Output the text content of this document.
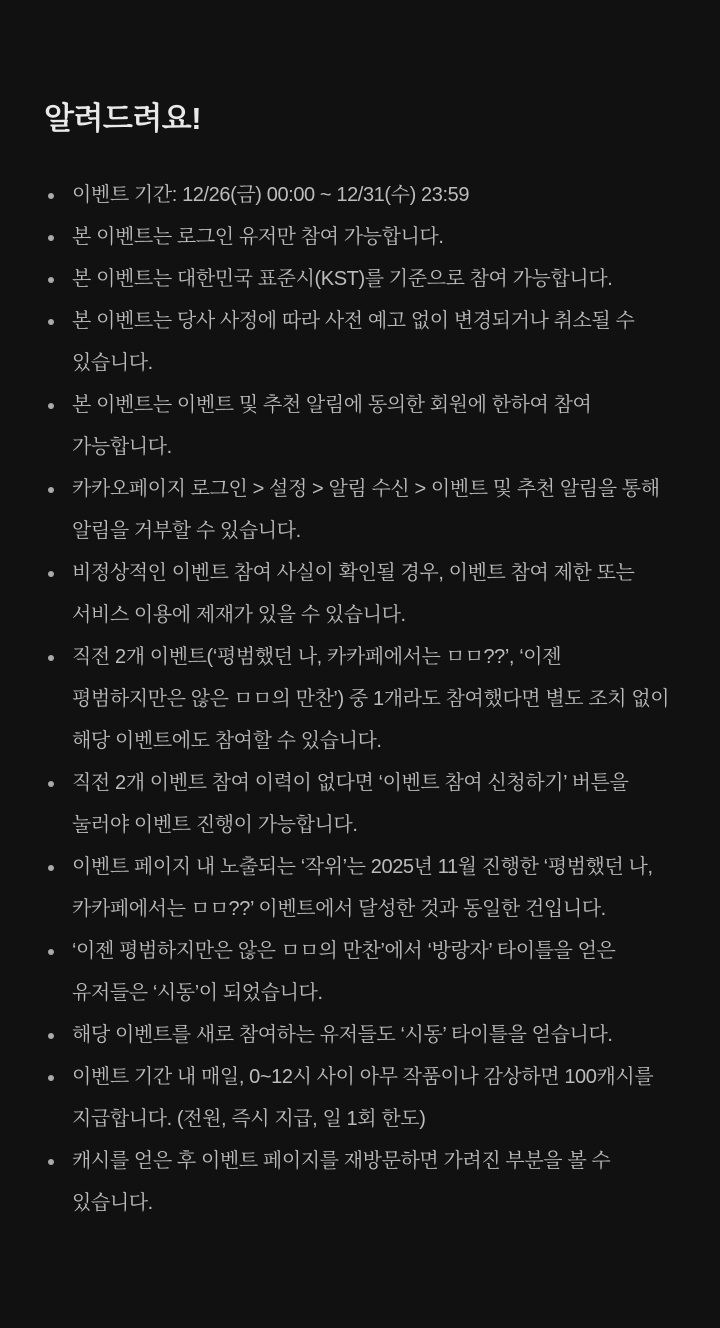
알려드려요!
이벤트 기간: 12/26(금) 00:00 ~ 12/31(수) 23:59
본 이벤트는 로그인 유저만 참여 가능합니다.
본 이벤트는 대한민국 표준시(KST)를 기준으로 참여 가능합니다.
본 이벤트는 당사 사정에 따라 사전 예고 없이 변경되거나 취소될 수
있습니다.
본 이벤트는 이벤트 및 추천 알림에 동의한 회원에 한하여 참여
가능합니다.
카카오페이지 로그인 > 설정 > 알림 수신 > 이벤트 및 추천 알림을 통해
알림을 거부할 수 있습니다.
비정상적인 이벤트 참여 사실이 확인될 경우, 이벤트 참여 제한 또는
서비스 이용에 제재가 있을 수 있습니다.
직전 2개 이벤트(‘평범했던 나, 카카페에서는 ㅁㅁ??’, ‘이젠
평범하지만은 않은 ㅁㅁ의 만찬’) 중 1개라도 참여했다면 별도 조치 없이
해당 이벤트에도 참여할 수 있습니다.
직전 2개 이벤트 참여 이력이 없다면 ‘이벤트 참여 신청하기’ 버튼을
눌러야 이벤트 진행이 가능합니다.
이벤트 페이지 내 노출되는 ‘작위’는 2025년 11월 진행한 ‘평범했던 나,
카카페에서는 ㅁㅁ??’ 이벤트에서 달성한 것과 동일한 건입니다.
‘이젠 평범하지만은 않은 ㅁㅁ의 만찬’에서 ‘방랑자’ 타이틀을 얻은
유저들은 ‘시동’이 되었습니다.
해당 이벤트를 새로 참여하는 유저들도 ‘시동’ 타이틀을 얻습니다.
이벤트 기간 내 매일, 0~12시 사이 아무 작품이나 감상하면 100캐시를
지급합니다. (전원, 즉시 지급, 일 1회 한도)
캐시를 얻은 후 이벤트 페이지를 재방문하면 가려진 부분을 볼 수
있습니다.
